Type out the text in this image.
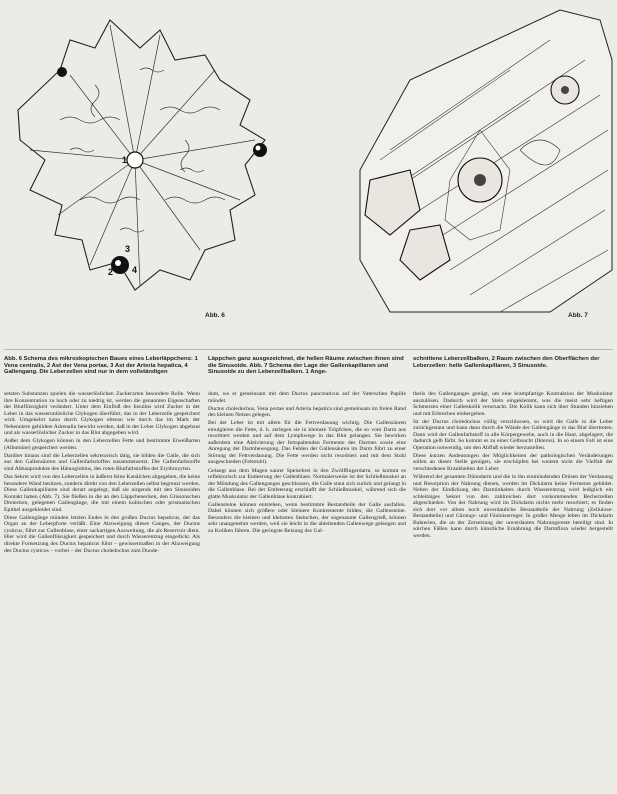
1
2
3
4
Abb. 6	Abb. 7

Abb. 6 Schema des mikroskopischen Baues eines Leberläppchens: 1 Vena centralis, 2 Ast der Vena portae, 3 Ast der Arteria hepatica, 4 Gallengang. Die Leberzellen sind nur in dem vollständigen

Läppchen ganz ausgezeichnet, die hellen Räume zwischen ihnen sind die Sinusoide. Abb. 7 Schema der Lage der Gallenkapillaren und Sinusoide zu den Leberzellbalken. 1 Ange-

schnittene Leberzellbalken, 2 Raum zwischen den Oberflächen der Leberzellen: helle Gallenkapillaren, 3 Sinusoide.

setzten Substanzen spielen die wasserlöslichen Zuckerarten besondere Rolle. Wenn ihre Konzentration zu hoch oder zu niedrig ist, werden die genannten Eigenschaften der Blutflüssigkeit verändert. Unter dem Einfluß des Insulins wird Zucker in der Leber in das wasserunlösliche Glykogen überführt, das in der Leberzelle gespeichert wird. Umgekehrt kann durch Glykogen ebenso wie durch das im Mark der Nebenniere gebildete Adrenalin bewirkt werden, daß in der Leber Glykogen abgebaut und als wasserlöslicher Zucker in das Blut abgegeben wird.

Außer dem Glykogen können in den Leberzellen Fette und bestimmte Eiweißarten (Albumine) gespeichert werden.

Darüber hinaus sind die Leberzellen sekretorisch tätig, sie bilden die Galle, die sich aus den Gallensäuren und Gallenfarbstoffen zusammensetzt. Die Gallenfarbstoffe sind Abbauprodukte des Hämoglobins, des roten Blutfarbstoffes der Erythrozyten.

Das Sekret wird von den Leberzellen in äußerst feine Kanälchen abgegeben, die keine besondere Wand besitzen, sondern direkt von den Leberzellen selbst begrenzt werden. Diese Gallenkapillaren sind derart angelegt, daß sie nirgends mit den Sinusoiden Kontakt haben (Abb. 7). Sie fließen in die an den Läppchenecken, den Glissonschen Dreiecken, gelegenen Gallengänge, die mit einem kubischen oder prismatischen Epithel ausgekleidet sind.

Diese Gallengänge münden letzten Endes in den großen Ductus hepaticus, der das Organ an der Leberpforte verläßt. Eine Abzweigung dieses Ganges, der Ductus cysticus, führt zur Gallenblase, einer sackartigen Ausweitung, die als Reservoir dient. Hier wird die Gallenflüssigkeit gespeichert und durch Wasserentzug eingedickt. Als direkte Fortsetzung des Ductus hepaticus führt – gewissermaßen in der Abzweigung des Ductus cysticus – vorbei – der Ductus choledochus zum Duode-

dum, wo er gemeinsam mit dem Ductus pancreaticus auf der Vaterschen Papille mündet.

Ductus choledochus, Vena portae und Arteria hepatica sind gemeinsam im freien Rand des kleinen Netzes gelegen.

Bei der Leber ist mit allem für die Fettverdauung wichtig. Die Gallensäuren emulgieren die Fette, d. h. zerlegen sie in kleinste Tröpfchen, die so vom Darm aus resorbiert werden und auf dem Lymphwege in das Blut gelangen. Sie bewirken außerdem eine Aktivierung der fettspaltenden Fermente des Darmes sowie eine Anregung der Darmbewegung. Das Fehlen der Gallensäuren im Darm führt zu einer Störung der Fettverdauung. Die Fette werden nicht resorbiert und mit dem Stuhl ausgeschieden (Fettstuhl).

Gelangt aus dem Magen saurer Speisebrei in den Zwölffingerdarm, so kommt es reflektorisch zur Entleerung der Gallenblase. Normalerweise ist der Schließmuskel an der Mündung des Gallenganges geschlossen, die Galle staut sich zurück und gelangt in die Gallenblase. Bei der Entleerung erschlafft der Schließmuskel, während sich die glatte Muskulatur der Gallenblase kontrahiert.

Gallensteine können entstehen, wenn bestimmte Bestandteile der Galle ausfallen. Dabei können sich größere oder kleinere Konkremente bilden, die Gallensteine. Besonders die kleinen und kleinsten Steinchen, der sogenannte Gallengrieß, können sehr unangenehm werden, weil sie leicht in die ableitenden Gallenwege gelangen und zu Koliken führen. Die geringste Reizung des Gal-

theils des Gallenganges genügt, um eine krampfartige Kontraktion der Muskulatur auszulösen. Dadurch wird der Stein eingeklemmt, was die meist sehr heftigen Schmerzen einer Gallenkolik verursacht. Die Kolik kann sich über Stunden hinziehen und mit Erbrechen einhergehen.

Ist der Ductus choledochus völlig verschlossen, so wird die Galle in die Leber zurückgestaut und kann dann durch die Wände der Gallengänge in das Blut übertreten. Dann wird der Gallenfarbstoff in alle Körpergewebe, auch in die Haut, abgelagert, die dadurch gelb färbt. So kommt es zu einer Gelbsucht (Ikterus). In so einem Fall ist eine Operation notwendig, um den Abfluß wieder herzustellen.

Diese kurzen Andeutungen der Möglichkeiten der pathologischen Veränderungen sollen an dieser Stelle genügen, sie erschöpfen bei weitem nicht die Vielfalt der verschiedenen Krankheiten der Leber.

Während der gesamten Dünndarm und die in ihn einmündenden Drüsen der Verdauung und Resorption der Nahrung dienen, werden im Dickdarm keine Fermente gebildet. Neben der Eindickung des Darminhaltes durch Wasserentzug wird lediglich ein schleimiges Sekret von den zahlreichen dort vorkommenden Becherzellen abgeschieden. Von der Nahrung wird im Dickdarm nichts mehr resorbiert; es finden sich dort vor allem noch unverdauliche Bestandteile der Nahrung (Zellulose-Bestandteile) und Gärungs- und Fäulniserreger. In großer Menge leben im Dickdarm Bakterien, die an der Zersetzung der unverdauten Nahrungsreste beteiligt sind. In solchen Fällen kann durch künstliche Ernährung die Darmflora wieder hergestellt werden.
